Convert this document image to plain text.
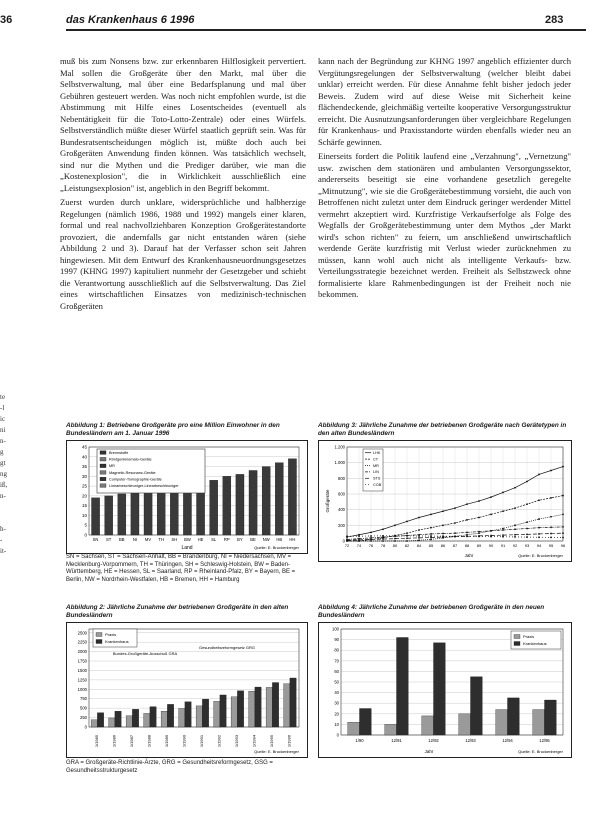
36	das Krankenhaus 6 1996	283
te
-l
ic
ni
n-
g
gt
ng
iß,
n-
h-
-
it-

muß bis zum Nonsens bzw. zur erkennbaren Hilflosigkeit pervertiert. Mal sollen die Großgeräte über den Markt, mal über die Selbstverwaltung, mal über eine Bedarfsplanung und mal über Gebühren gesteuert werden. Was noch nicht empfohlen wurde, ist die Abstimmung mit Hilfe eines Losentscheides (eventuell als Nebentätigkeit für die Toto-Lotto-Zentrale) oder eines Würfels. Selbstverständlich müßte dieser Würfel staatlich geprüft sein. Was für Bundesratsentscheidungen möglich ist, müßte doch auch bei Großgeräten Anwendung finden können. Was tatsächlich wechselt, sind nur die Mythen und die Prediger darüber, wie man die „Kostenexplosion", die in Wirklichkeit ausschließlich eine „Leistungsexplosion" ist, angeblich in den Begriff bekommt.

Zuerst wurden durch unklare, widersprüchliche und halbherzige Regelungen (nämlich 1986, 1988 und 1992) mangels einer klaren, formal und real nachvollziehbaren Konzeption Großgerätestandorte provoziert, die andernfalls gar nicht entstanden wären (siehe Abbildung 2 und 3). Darauf hat der Verfasser schon seit Jahren hingewiesen. Mit dem Entwurf des Krankenhausneuordnungsgesetzes 1997 (KHNG 1997) kapituliert nunmehr der Gesetzgeber und schiebt die Verantwortung ausschließlich auf die Selbstverwaltung. Das Ziel eines wirtschaftlichen Einsatzes von medizinisch-technischen Großgeräten

kann nach der Begründung zur KHNG 1997 angeblich effizienter durch Vergütungsregelungen der Selbstverwaltung (welcher bleibt dabei unklar) erreicht werden. Für diese Annahme fehlt bisher jedoch jeder Beweis. Zudem wird auf diese Weise mit Sicherheit keine flächendeckende, gleichmäßig verteilte kooperative Versorgungsstruktur erreicht. Die Ausnutzungsanforderungen über vergleichbare Regelungen für Krankenhaus- und Praxisstandorte würden ebenfalls wieder neu an Schärfe gewinnen.

Einerseits fordert die Politik laufend eine „Verzahnung", „Vernetzung" usw. zwischen dem stationären und ambulanten Versorgungssektor, andererseits beseitigt sie eine vorhandene gesetzlich geregelte „Mitnutzung", wie sie die Großgerätebestimmung vorsieht, die auch von Betroffenen nicht zuletzt unter dem Eindruck geringer werdender Mittel vermehrt akzeptiert wird. Kurzfristige Verkaufserfolge als Folge des Wegfalls der Großgerätebestimmung unter dem Mythos „der Markt wird's schon richten" zu feiern, um anschließend unwirtschaftlich werdende Geräte kurzfristig mit Verlust wieder zurücknehmen zu müssen, kann wohl auch nicht als intelligente Verkaufs- bzw. Verteilungsstrategie bezeichnet werden. Freiheit als Selbstzweck ohne formalisierte klare Rahmenbedingungen ist der Freiheit noch nie bekommen.

Abbildung 1: Betriebene Großgeräte pro eine Million Einwohner in den Bundesländern am 1. Januar 1996
0
5
10
15
20
25
30
35
40
45
SN ST BB NI MV TH SH BW HE SL RP BY BE NW HB HH
Brennstoffe
Röntgenkinemato-Geräte
MR
Magnetic-Resonanz-Geräte
Computer-Tomographie-Geräte
Linearbeschleuniger-Linearbeschleuniger
Land	Quelle: E. Bruckenberger
SN = Sachsen, ST = Sachsen-Anhalt, BB = Brandenburg, NI = Niedersachsen, MV = Mecklenburg-Vorpommern, TH = Thüringen, SH = Schleswig-Holstein, BW = Baden-Württemberg, HE = Hessen, SL = Saarland, RP = Rheinland-Pfalz, BY = Bayern, BE = Berlin, NW = Nordrhein-Westfalen, HB = Bremen, HH = Hamburg
Abbildung 3: Jährliche Zunahme der betriebenen Großgeräte nach Gerätetypen in den alten Bundesländern
0
200
400
600
800
1.000
1.200
72 74 76 78 80 82 84 85 86 87 88 89 90 91 92 93 94 95 96
LHK
CT
MR
LIN
STS
COB
Großgeräte
Jahr	Quelle: E. Bruckenberger
Abbildung 2: Jährliche Zunahme der betriebenen Großgeräte in den alten Bundesländern
0
250
500
750
1000
1250
1500
1750
2000
2250
2500
1/1985	1/1986	1/1987	1/1988	1/1989	1/1990	1/1991	1/1992	1/1993	1/1994	1/1995	1/1996
Praxis
Krankenhaus
Bundes-Großgeräte-Ausschuß GRA
Gesundheitsreformgesetz GRG
Quelle: E. Bruckenberger
Abbildung 4: Jährliche Zunahme der betriebenen Großgeräte in den neuen Bundesländern
0
10
20
30
40
50
60
70
80
90
100
1/90	12/91	12/92	12/93	12/94	12/95
Praxis
Krankenhaus
Jahr	Quelle: E. Bruckenberger
GRA = Großgeräte-Richtlinie-Ärzte, GRG = Gesundheitsreformgesetz, GSG = Gesundheitsstrukturgesetz
